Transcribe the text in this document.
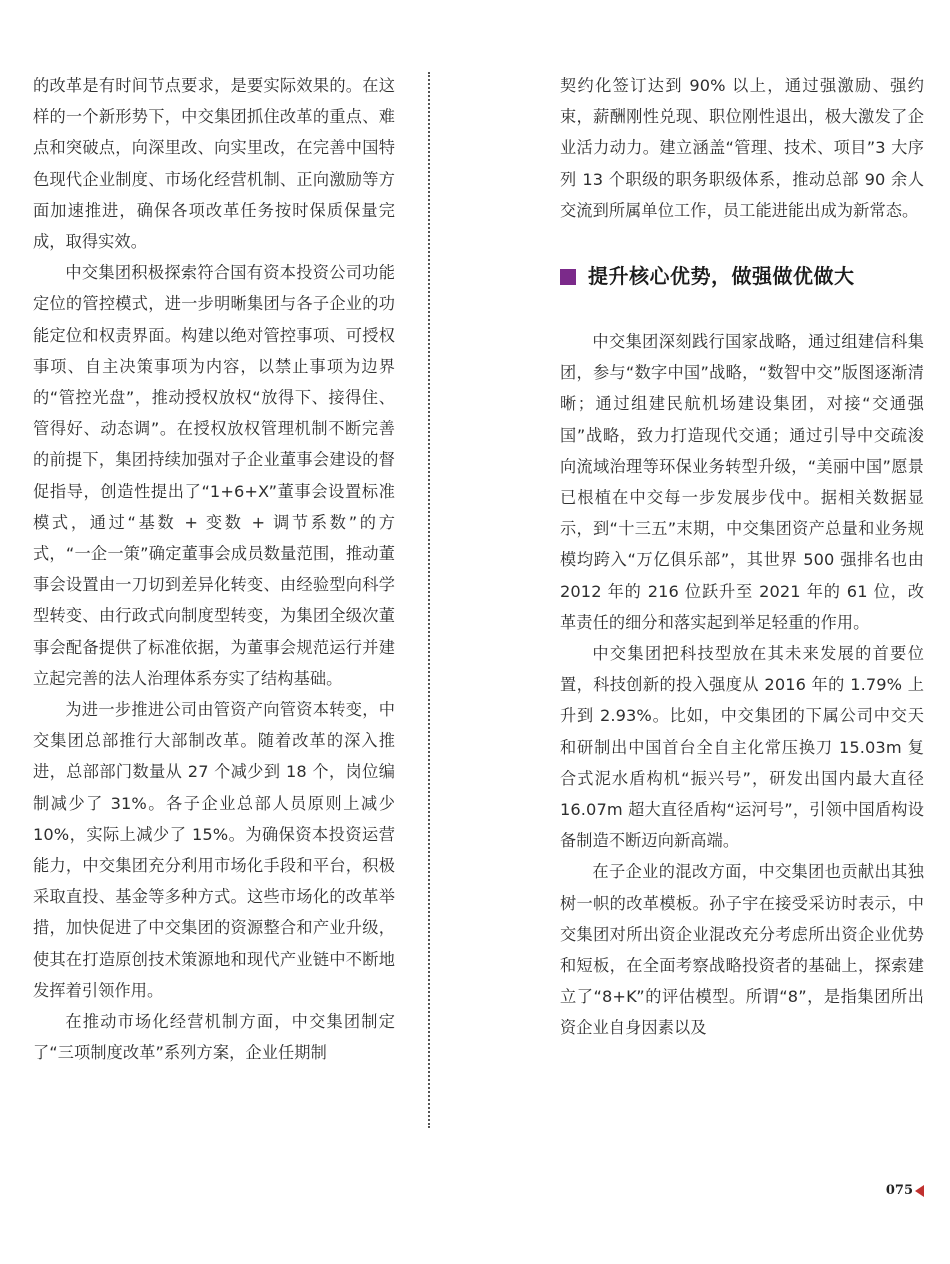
的改革是有时间节点要求，是要实际效果的。在这样的一个新形势下，中交集团抓住改革的重点、难点和突破点，向深里改、向实里改，在完善中国特色现代企业制度、市场化经营机制、正向激励等方面加速推进，确保各项改革任务按时保质保量完成，取得实效。

中交集团积极探索符合国有资本投资公司功能定位的管控模式，进一步明晰集团与各子企业的功能定位和权责界面。构建以绝对管控事项、可授权事项、自主决策事项为内容，以禁止事项为边界的“管控光盘”，推动授权放权“放得下、接得住、管得好、动态调”。在授权放权管理机制不断完善的前提下，集团持续加强对子企业董事会建设的督促指导，创造性提出了“1+6+X”董事会设置标准模式，通过“基数 + 变数 + 调节系数”的方式，“一企一策”确定董事会成员数量范围，推动董事会设置由一刀切到差异化转变、由经验型向科学型转变、由行政式向制度型转变，为集团全级次董事会配备提供了标准依据，为董事会规范运行并建立起完善的法人治理体系夯实了结构基础。

为进一步推进公司由管资产向管资本转变，中交集团总部推行大部制改革。随着改革的深入推进，总部部门数量从 27 个减少到 18 个，岗位编制减少了 31%。各子企业总部人员原则上减少 10%，实际上减少了 15%。为确保资本投资运营能力，中交集团充分利用市场化手段和平台，积极采取直投、基金等多种方式。这些市场化的改革举措，加快促进了中交集团的资源整合和产业升级，使其在打造原创技术策源地和现代产业链中不断地发挥着引领作用。

在推动市场化经营机制方面，中交集团制定了“三项制度改革”系列方案，企业任期制

契约化签订达到 90% 以上，通过强激励、强约束，薪酬刚性兑现、职位刚性退出，极大激发了企业活力动力。建立涵盖“管理、技术、项目”3 大序列 13 个职级的职务职级体系，推动总部 90 余人交流到所属单位工作，员工能进能出成为新常态。

提升核心优势，做强做优做大

中交集团深刻践行国家战略，通过组建信科集团，参与“数字中国”战略，“数智中交”版图逐渐清晰；通过组建民航机场建设集团，对接“交通强国”战略，致力打造现代交通；通过引导中交疏浚向流域治理等环保业务转型升级，“美丽中国”愿景已根植在中交每一步发展步伐中。据相关数据显示，到“十三五”末期，中交集团资产总量和业务规模均跨入“万亿俱乐部”，其世界 500 强排名也由 2012 年的 216 位跃升至 2021 年的 61 位，改革责任的细分和落实起到举足轻重的作用。

中交集团把科技型放在其未来发展的首要位置，科技创新的投入强度从 2016 年的 1.79% 上升到 2.93%。比如，中交集团的下属公司中交天和研制出中国首台全自主化常压换刀 15.03m 复合式泥水盾构机“振兴号”，研发出国内最大直径 16.07m 超大直径盾构“运河号”，引领中国盾构设备制造不断迈向新高端。

在子企业的混改方面，中交集团也贡献出其独树一帜的改革模板。孙子宇在接受采访时表示，中交集团对所出资企业混改充分考虑所出资企业优势和短板，在全面考察战略投资者的基础上，探索建立了“8+K”的评估模型。所谓“8”，是指集团所出资企业自身因素以及

075
